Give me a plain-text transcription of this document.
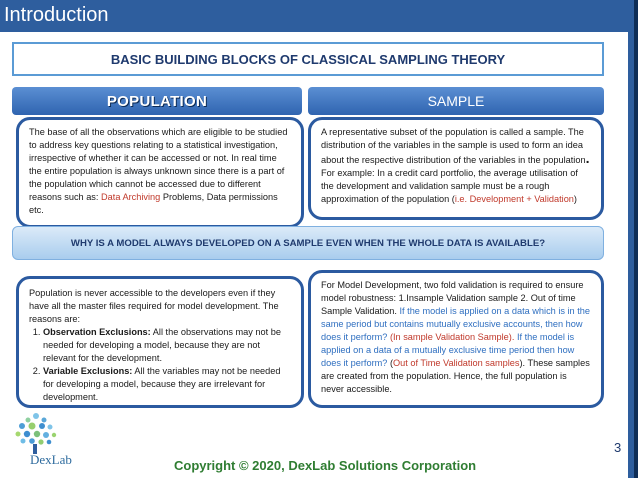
Introduction
BASIC BUILDING BLOCKS OF CLASSICAL SAMPLING THEORY
POPULATION	SAMPLE
The base of all the observations which are eligible to be studied to address key questions relating to a statistical investigation, irrespective of whether it can be accessed or not. In real time the entire population is always unknown since there is a part of the population which cannot be accessed due to different reasons such as: Data Archiving Problems, Data permissions etc.
A representative subset of the population is called a sample. The distribution of the variables in the sample is used to form an idea about the respective distribution of the variables in the population. For example: In a credit card portfolio, the average utilisation of the development and validation sample must be a rough approximation of the population (i.e. Development + Validation)
WHY IS A MODEL ALWAYS DEVELOPED ON A SAMPLE EVEN WHEN THE WHOLE DATA IS AVAILABLE?
Population is never accessible to the developers even if they have all the master files required for model development. The reasons are:
1. Observation Exclusions: All the observations may not be needed for developing a model, because they are not relevant for the development.
2. Variable Exclusions: All the variables may not be needed for developing a model, because they are irrelevant for development.
For Model Development, two fold validation is required to ensure model robustness: 1.Insample Validation sample 2. Out of time Sample Validation. If the model is applied on a data which is in the same period but contains mutually exclusive accounts, then how does it perform? (In sample Validation Sample). If the model is applied on a data of a mutually exclusive time period then how does it perform? (Out of Time Validation samples). These samples are created from the population. Hence, the full population is never accessible.
DexLab	Copyright © 2020, DexLab Solutions Corporation
3
